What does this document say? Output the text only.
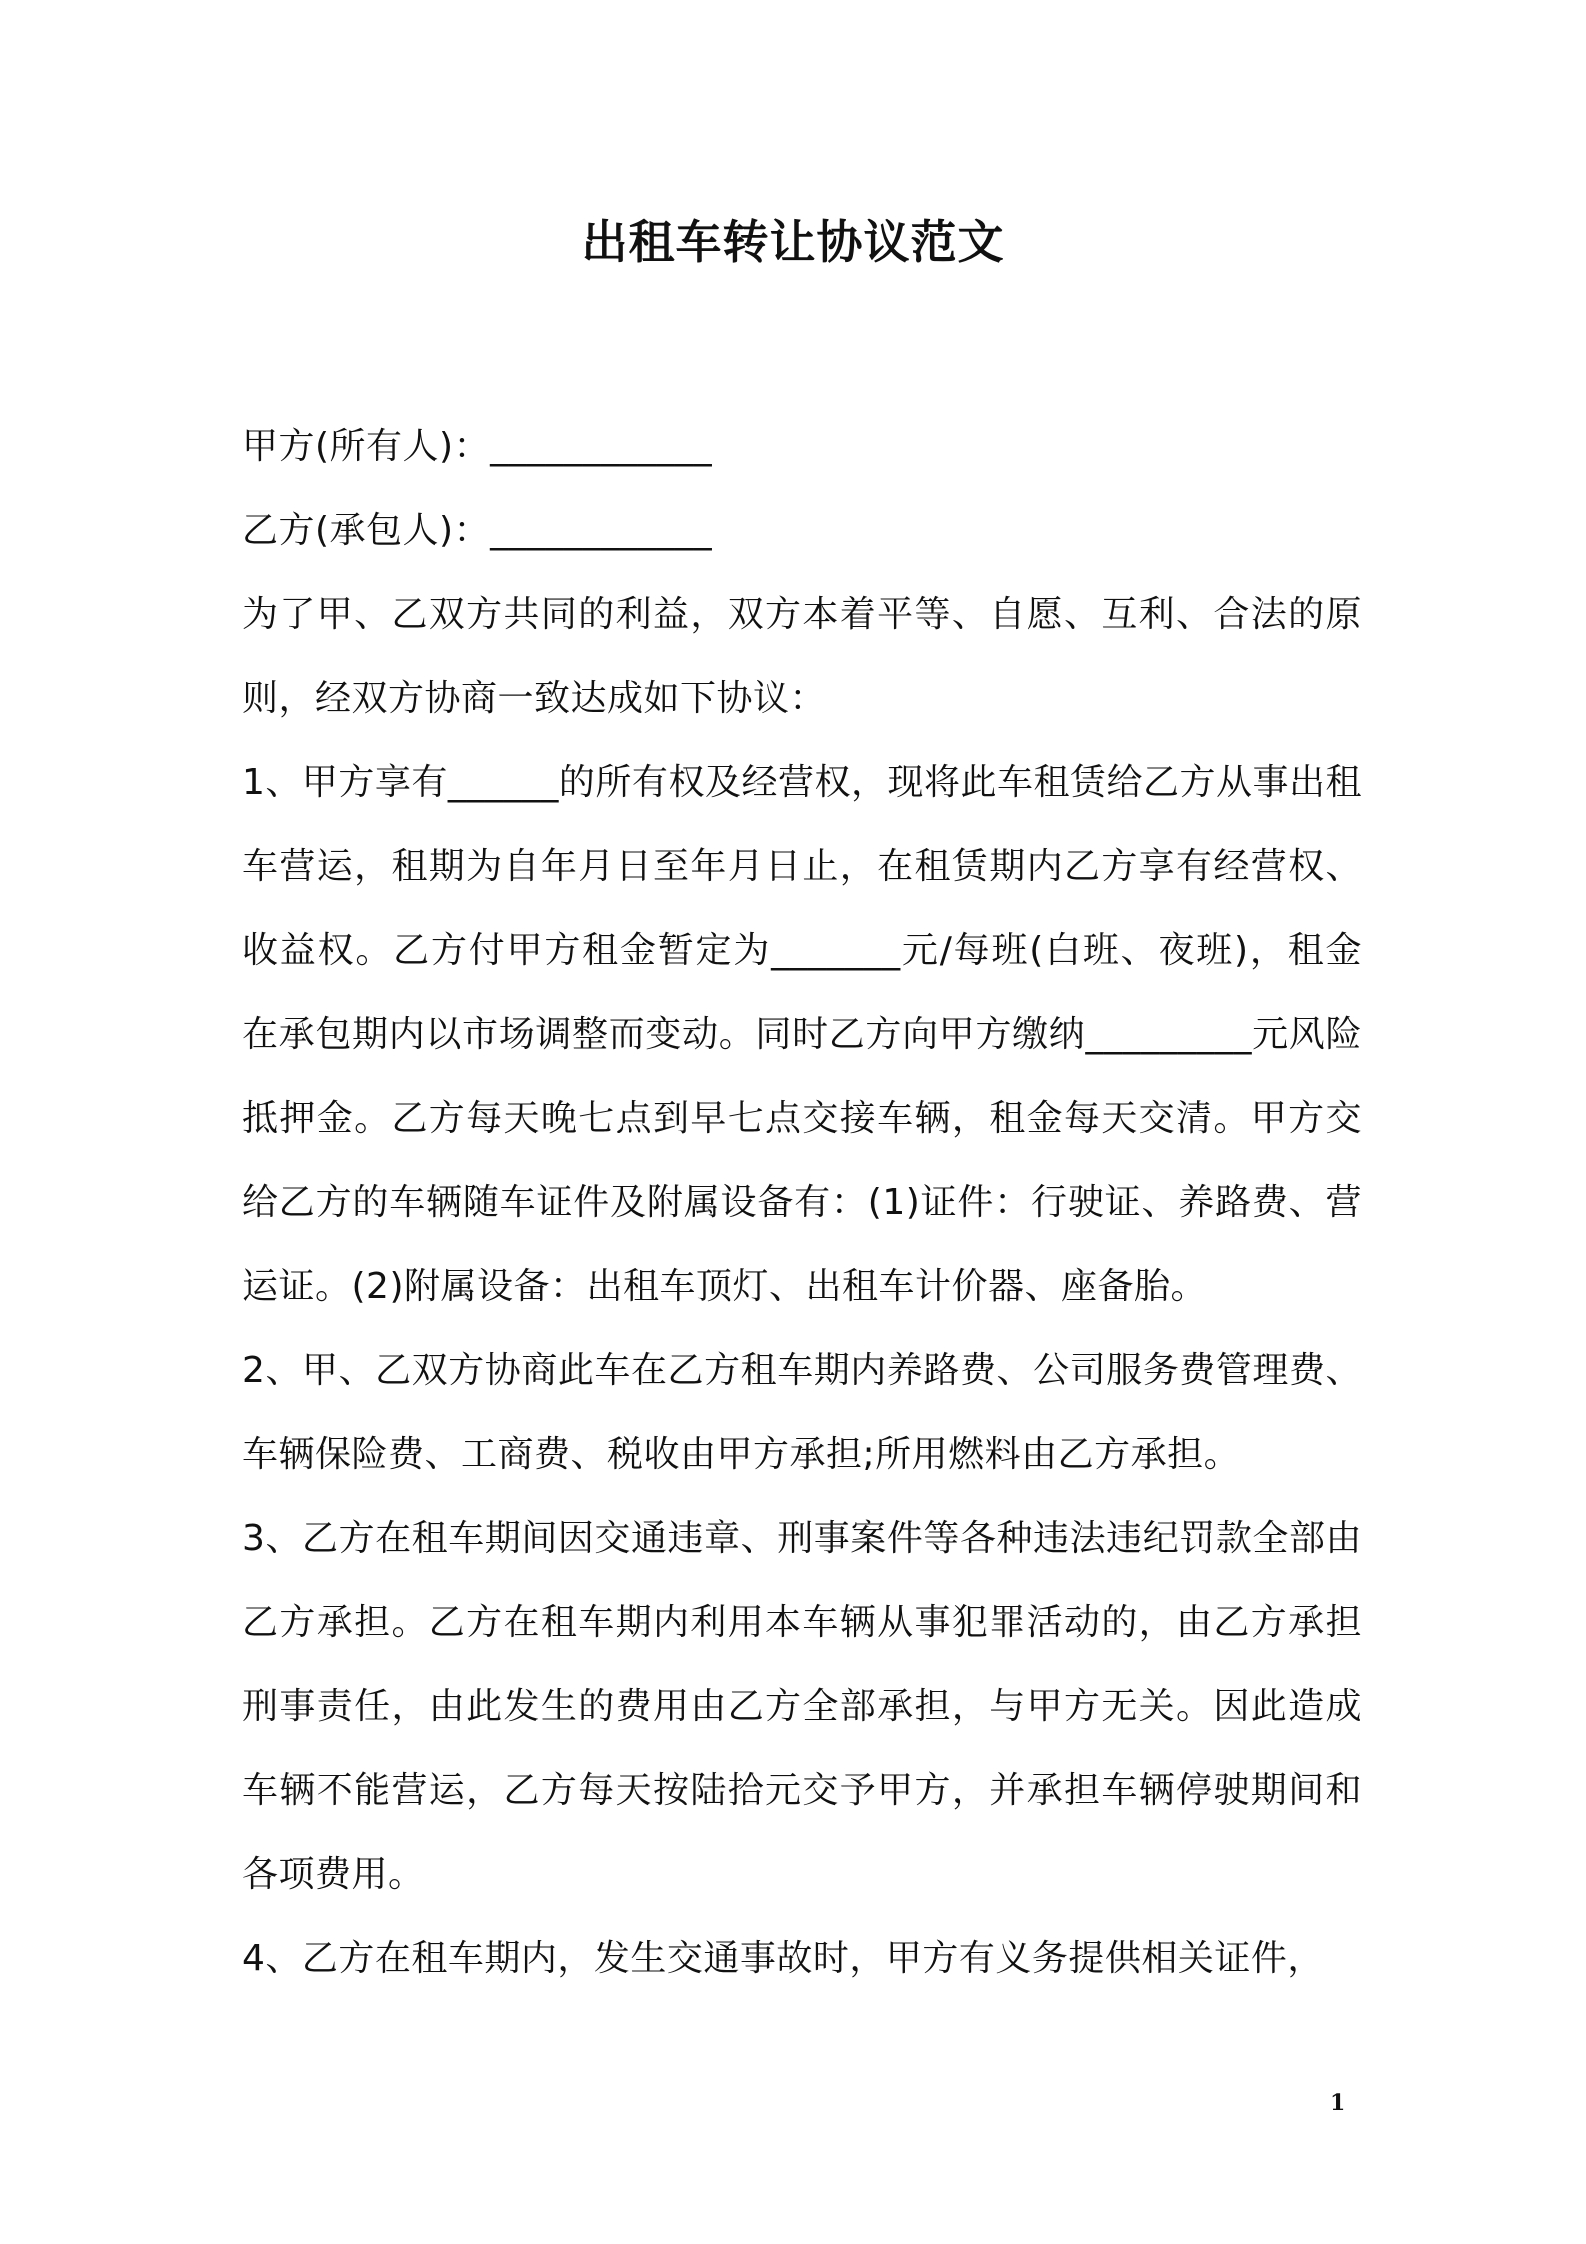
出租车转让协议范文

甲方(所有人)：____________

乙方(承包人)：____________

为了甲、乙双方共同的利益，双方本着平等、自愿、互利、合法的原则，经双方协商一致达成如下协议：

1、甲方享有______的所有权及经营权，现将此车租赁给乙方从事出租车营运，租期为自年月日至年月日止，在租赁期内乙方享有经营权、收益权。乙方付甲方租金暂定为_______元/每班(白班、夜班)，租金在承包期内以市场调整而变动。同时乙方向甲方缴纳_________元风险抵押金。乙方每天晚七点到早七点交接车辆，租金每天交清。甲方交给乙方的车辆随车证件及附属设备有：(1)证件：行驶证、养路费、营运证。(2)附属设备：出租车顶灯、出租车计价器、座备胎。

2、甲、乙双方协商此车在乙方租车期内养路费、公司服务费管理费、车辆保险费、工商费、税收由甲方承担;所用燃料由乙方承担。

3、乙方在租车期间因交通违章、刑事案件等各种违法违纪罚款全部由乙方承担。乙方在租车期内利用本车辆从事犯罪活动的，由乙方承担刑事责任，由此发生的费用由乙方全部承担，与甲方无关。因此造成车辆不能营运，乙方每天按陆拾元交予甲方，并承担车辆停驶期间和各项费用。

4、乙方在租车期内，发生交通事故时，甲方有义务提供相关证件，

1
